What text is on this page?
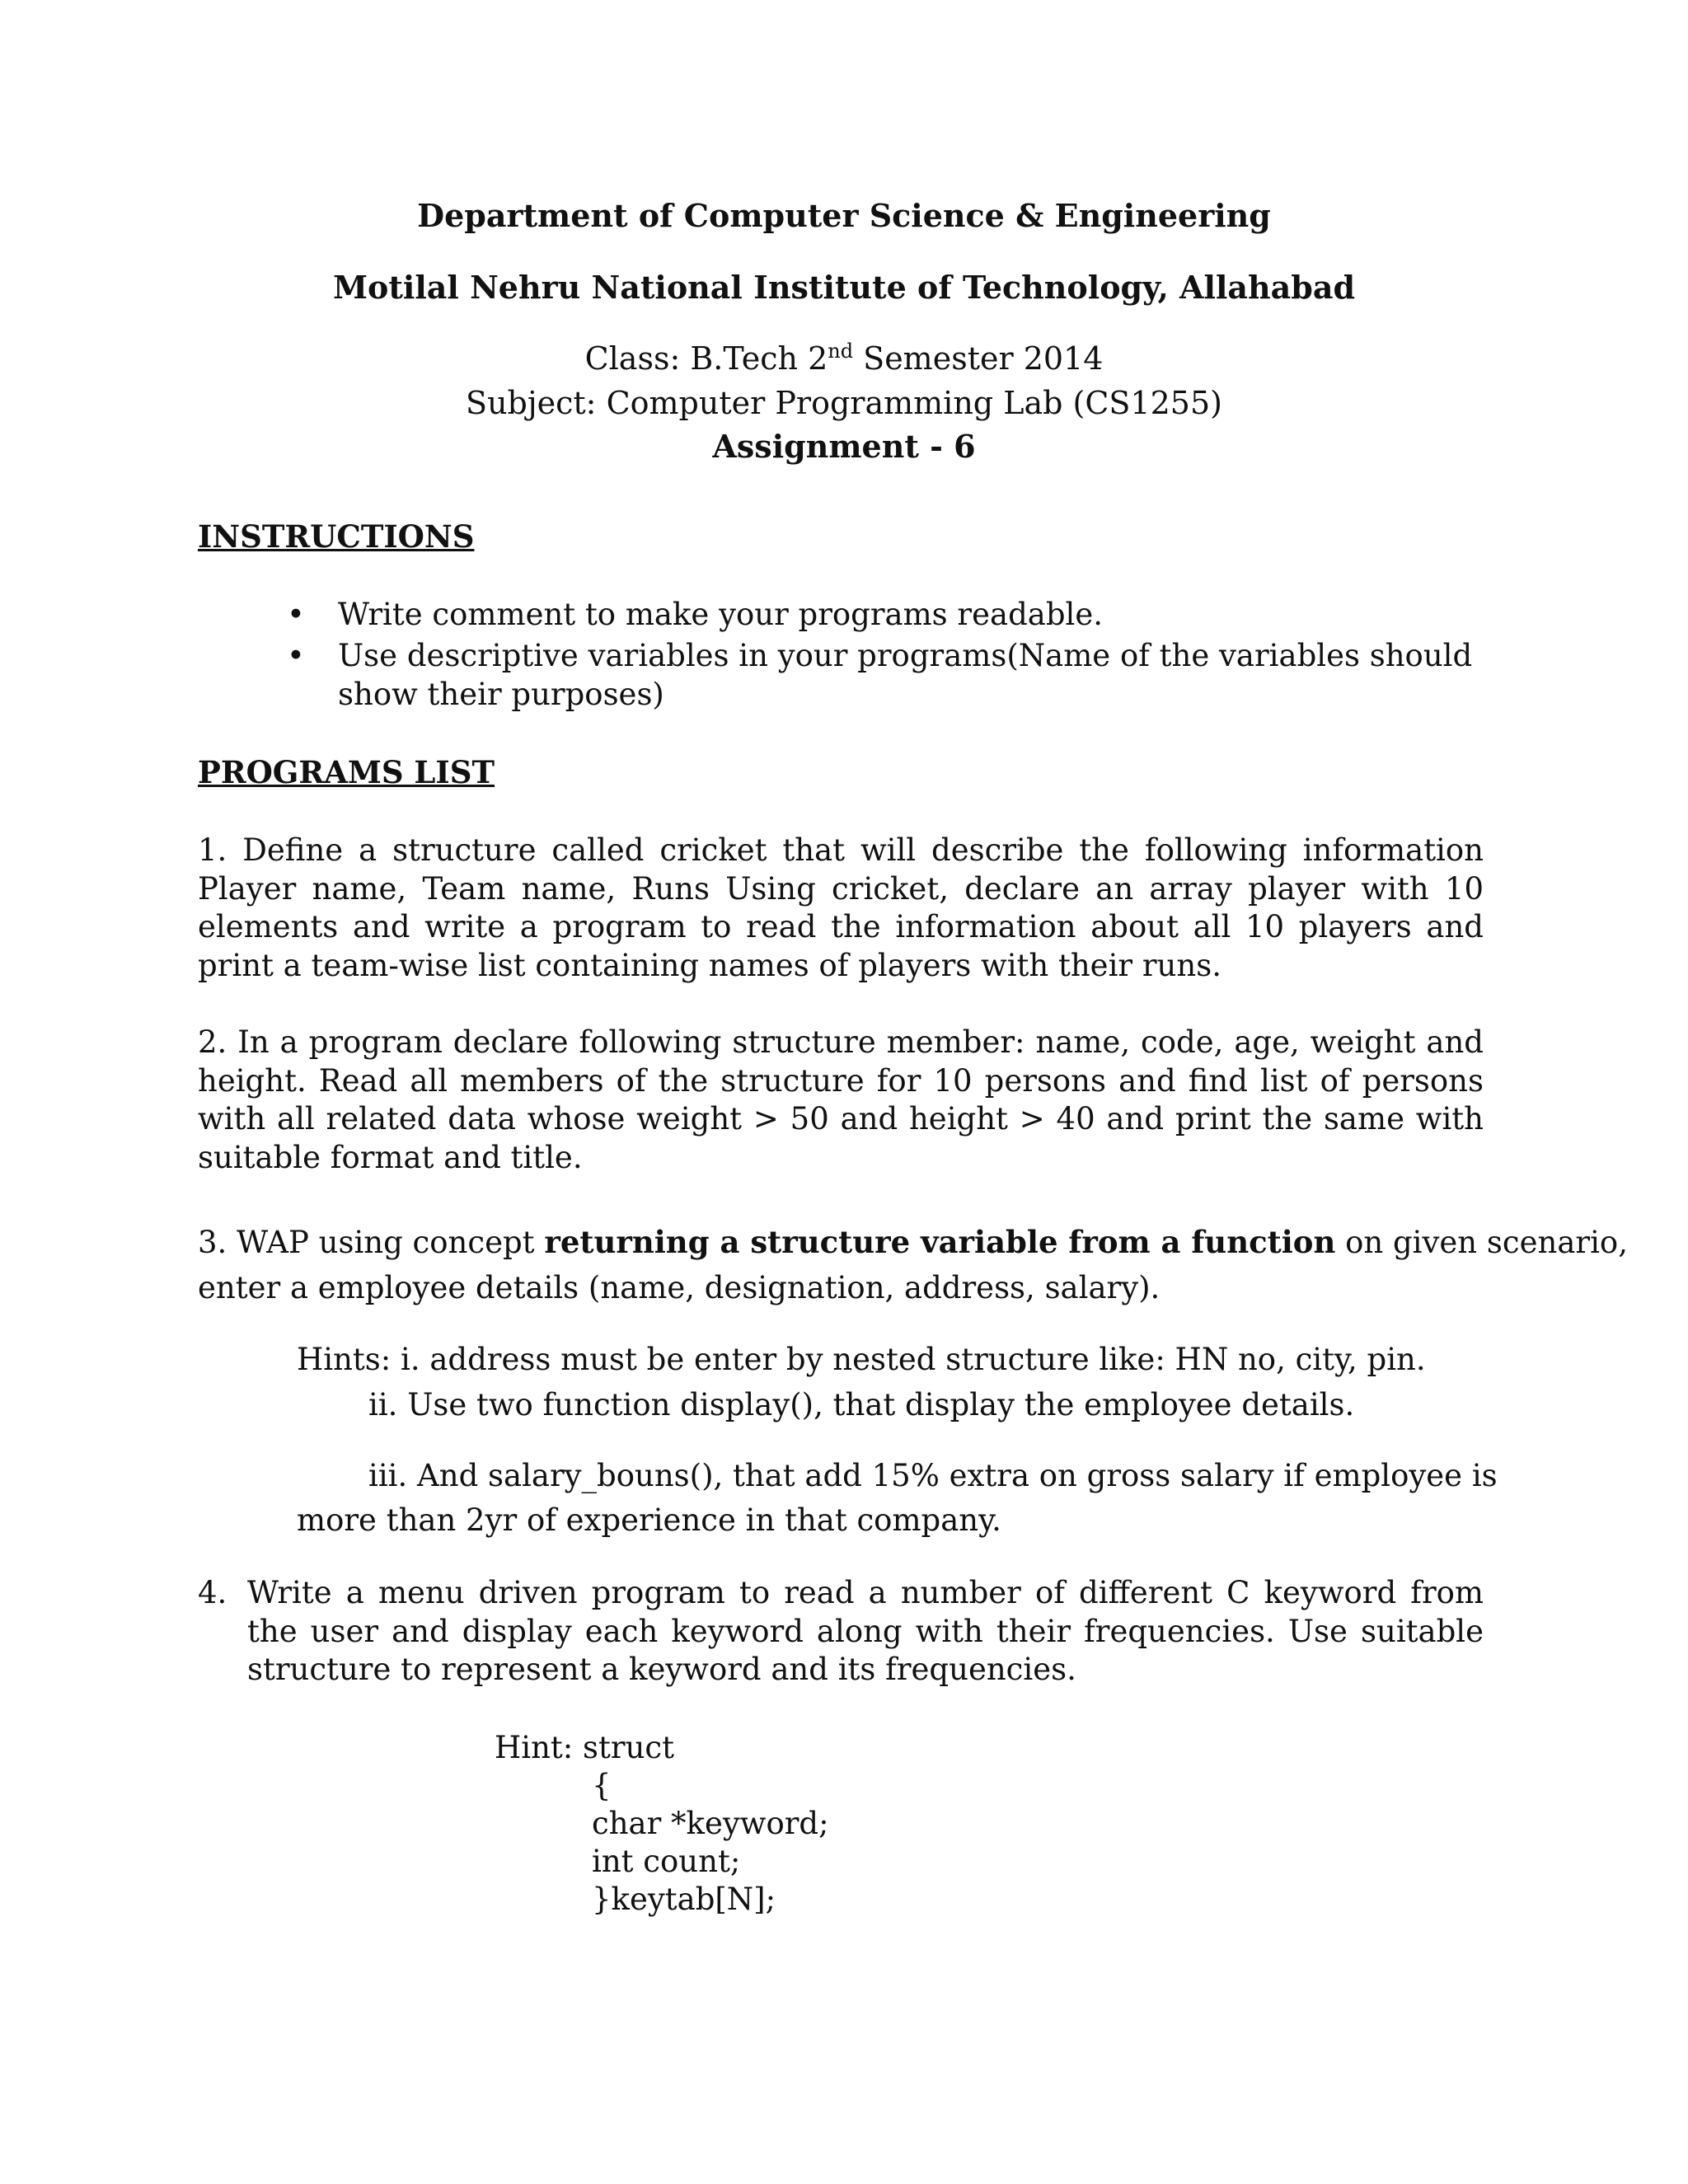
Department of Computer Science & Engineering
Motilal Nehru National Institute of Technology, Allahabad
Class: B.Tech 2nd Semester 2014
Subject: Computer Programming Lab (CS1255)
Assignment - 6
INSTRUCTIONS
• Write comment to make your programs readable.
• Use descriptive variables in your programs(Name of the variables should show their purposes)
PROGRAMS LIST

1. Define a structure called cricket that will describe the following information Player name, Team name, Runs Using cricket, declare an array player with 10 elements and write a program to read the information about all 10 players and print a team-wise list containing names of players with their runs.

2. In a program declare following structure member: name, code, age, weight and height. Read all members of the structure for 10 persons and find list of persons with all related data whose weight > 50 and height > 40 and print the same with suitable format and title.

3. WAP using concept returning a structure variable from a function on given scenario,
enter a employee details (name, designation, address, salary).
Hints: i. address must be enter by nested structure like: HN no, city, pin.
ii. Use two function display(), that display the employee details.
iii. And salary_bouns(), that add 15% extra on gross salary if employee is
more than 2yr of experience in that company.
4. Write a menu driven program to read a number of different C keyword from the user and display each keyword along with their frequencies. Use suitable structure to represent a keyword and its frequencies.

Hint: struct
{
char *keyword;
int count;
}keytab[N];
